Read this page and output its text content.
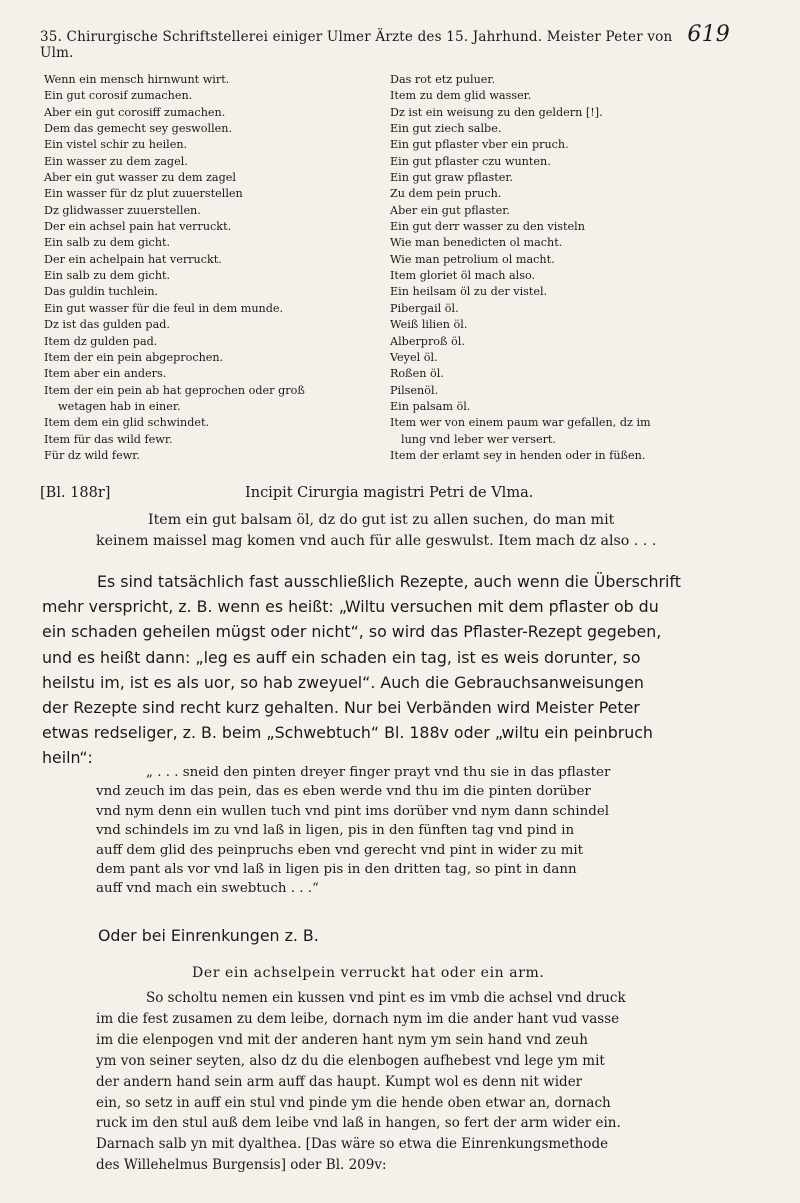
35. Chirurgische Schriftstellerei einiger Ulmer Ärzte des 15. Jahrhund. Meister Peter von Ulm.
619
Wenn ein mensch hirnwunt wirt.
Ein gut corosif zumachen.
Aber ein gut corosiff zumachen.
Dem das gemecht sey geswollen.
Ein vistel schir zu heilen.
Ein wasser zu dem zagel.
Aber ein gut wasser zu dem zagel
Ein wasser für dz plut zuuerstellen
Dz glidwasser zuuerstellen.
Der ein achsel pain hat verruckt.
Ein salb zu dem gicht.
Der ein achelpain hat verruckt.
Ein salb zu dem gicht.
Das guldin tuchlein.
Ein gut wasser für die feul in dem munde.
Dz ist das gulden pad.
Item dz gulden pad.
Item der ein pein abgeprochen.
Item aber ein anders.
Item der ein pein ab hat geprochen oder groß
wetagen hab in einer.
Item dem ein glid schwindet.
Item für das wild fewr.
Für dz wild fewr.
Das rot etz puluer.
Item zu dem glid wasser.
Dz ist ein weisung zu den geldern [!].
Ein gut ziech salbe.
Ein gut pflaster vber ein pruch.
Ein gut pflaster czu wunten.
Ein gut graw pflaster.
Zu dem pein pruch.
Aber ein gut pflaster.
Ein gut derr wasser zu den visteln
Wie man benedicten ol macht.
Wie man petrolium ol macht.
Item gloriet öl mach also.
Ein heilsam öl zu der vistel.
Pibergail öl.
Weiß lilien öl.
Alberproß öl.
Veyel öl.
Roßen öl.
Pilsenöl.
Ein palsam öl.
Item wer von einem paum war gefallen, dz im
lung vnd leber wer versert.
Item der erlamt sey in henden oder in füßen.
[Bl. 188r]	Incipit Cirurgia magistri Petri de Vlma.
Item ein gut balsam öl, dz do gut ist zu allen suchen, do man mit
keinem maissel mag komen vnd auch für alle geswulst. Item mach dz also . . .
Es sind tatsächlich fast ausschließlich Rezepte, auch wenn die Überschrift
mehr verspricht, z. B. wenn es heißt: „Wiltu versuchen mit dem pflaster ob du
ein schaden geheilen mügst oder nicht“, so wird das Pflaster-Rezept gegeben,
und es heißt dann: „leg es auff ein schaden ein tag, ist es weis dorunter, so
heilstu im, ist es als uor, so hab zweyuel“. Auch die Gebrauchsanweisungen
der Rezepte sind recht kurz gehalten. Nur bei Verbänden wird Meister Peter
etwas redseliger, z. B. beim „Schwebtuch“ Bl. 188v oder „wiltu ein peinbruch
heiln“:
„ . . . sneid den pinten dreyer finger prayt vnd thu sie in das pflaster
vnd zeuch im das pein, das es eben werde vnd thu im die pinten dorüber
vnd nym denn ein wullen tuch vnd pint ims dorüber vnd nym dann schindel
vnd schindels im zu vnd laß in ligen, pis in den fünften tag vnd pind in
auff dem glid des peinpruchs eben vnd gerecht vnd pint in wider zu mit
dem pant als vor vnd laß in ligen pis in den dritten tag, so pint in dann
auff vnd mach ein swebtuch . . .“
Oder bei Einrenkungen z. B.
Der ein achselpein verruckt hat oder ein arm.
So scholtu nemen ein kussen vnd pint es im vmb die achsel vnd druck
im die fest zusamen zu dem leibe, dornach nym im die ander hant vud vasse
im die elenpogen vnd mit der anderen hant nym ym sein hand vnd zeuh
ym von seiner seyten, also dz du die elenbogen aufhebest vnd lege ym mit
der andern hand sein arm auff das haupt. Kumpt wol es denn nit wider
ein, so setz in auff ein stul vnd pinde ym die hende oben etwar an, dornach
ruck im den stul auß dem leibe vnd laß in hangen, so fert der arm wider ein.
Darnach salb yn mit dyalthea. [Das wäre so etwa die Einrenkungsmethode
des Willehelmus Burgensis] oder Bl. 209v:
